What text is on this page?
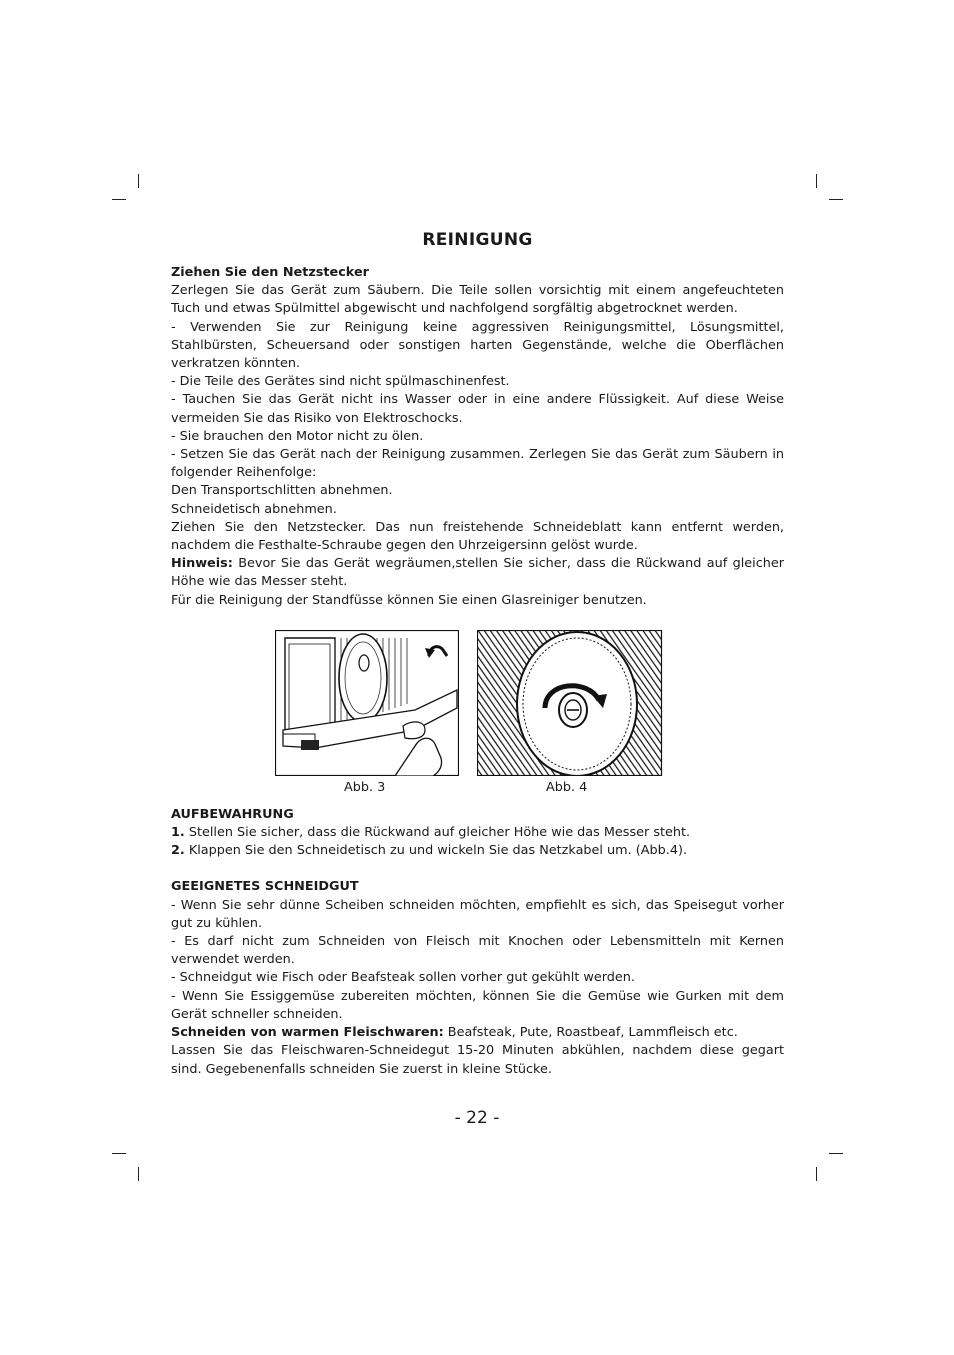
REINIGUNG

Ziehen Sie den Netzstecker

Zerlegen Sie das Gerät zum Säubern. Die Teile sollen vorsichtig mit einem angefeuchteten Tuch und etwas Spülmittel abgewischt und nachfolgend sorgfältig abgetrocknet werden.

- Verwenden Sie zur Reinigung keine aggressiven Reinigungsmittel, Lösungsmittel, Stahlbürsten, Scheuersand oder sonstigen harten Gegenstände, welche die Oberflächen verkratzen könnten.

- Die Teile des Gerätes sind nicht spülmaschinenfest.

- Tauchen Sie das Gerät nicht ins Wasser oder in eine andere Flüssigkeit. Auf diese Weise vermeiden Sie das Risiko von Elektroschocks.

- Sie brauchen den Motor nicht zu ölen.

- Setzen Sie das Gerät nach der Reinigung zusammen. Zerlegen Sie das Gerät zum Säubern in folgender Reihenfolge:

Den Transportschlitten abnehmen.

Schneidetisch abnehmen.

Ziehen Sie den Netzstecker. Das nun freistehende Schneideblatt kann entfernt werden, nachdem die Festhalte-Schraube gegen den Uhrzeigersinn gelöst wurde.

Hinweis: Bevor Sie das Gerät wegräumen,stellen Sie sicher, dass die Rückwand auf gleicher Höhe wie das Messer steht.

Für die Reinigung der Standfüsse können Sie einen Glasreiniger benutzen.

Abb. 3	Abb. 4

AUFBEWAHRUNG

1. Stellen Sie sicher, dass die Rückwand auf gleicher Höhe wie das Messer steht.

2. Klappen Sie den Schneidetisch zu und wickeln Sie das Netzkabel um. (Abb.4).

GEEIGNETES SCHNEIDGUT

- Wenn Sie sehr dünne Scheiben schneiden möchten, empfiehlt es sich, das Speisegut vorher gut zu kühlen.

- Es darf nicht zum Schneiden von Fleisch mit Knochen oder Lebensmitteln mit Kernen verwendet werden.

- Schneidgut wie Fisch oder Beafsteak sollen vorher gut gekühlt werden.

- Wenn Sie Essiggemüse zubereiten möchten, können Sie die Gemüse wie Gurken mit dem Gerät schneller schneiden.

Schneiden von warmen Fleischwaren: Beafsteak, Pute, Roastbeaf, Lammfleisch etc.

Lassen Sie das Fleischwaren-Schneidegut 15-20 Minuten abkühlen, nachdem diese gegart sind. Gegebenenfalls schneiden Sie zuerst in kleine Stücke.

- 22 -
